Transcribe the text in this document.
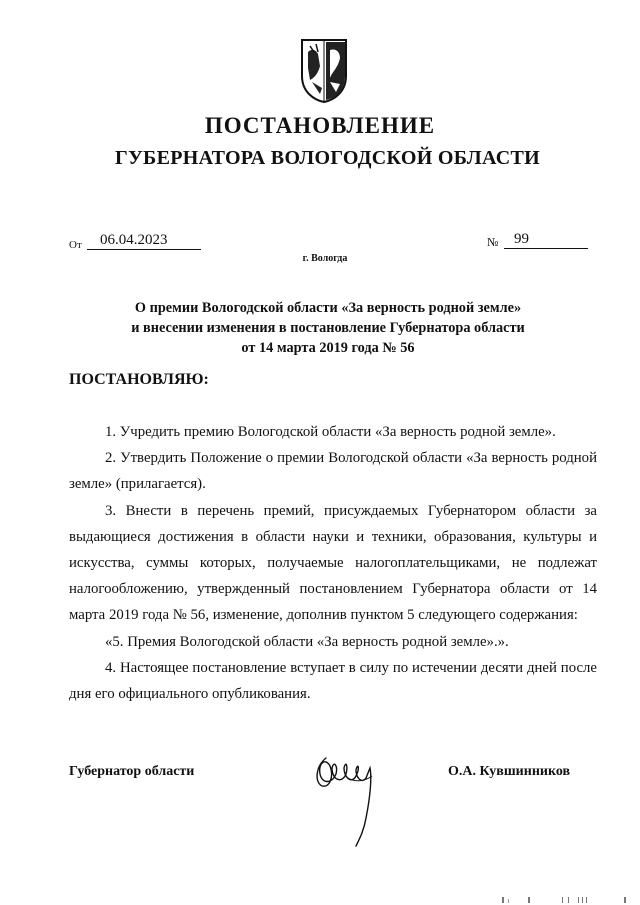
ПОСТАНОВЛЕНИЕ
ГУБЕРНАТОРА ВОЛОГОДСКОЙ ОБЛАСТИ
От	06.04.2023	№	99
г. Вологда
О премии Вологодской области «За верность родной земле»
и внесении изменения в постановление Губернатора области
от 14 марта 2019 года № 56
ПОСТАНОВЛЯЮ:

1. Учредить премию Вологодской области «За верность родной земле».

2. Утвердить Положение о премии Вологодской области «За верность родной земле» (прилагается).

3. Внести в перечень премий, присуждаемых Губернатором области за выдающиеся достижения в области науки и техники, образования, культуры и искусства, суммы которых, получаемые налогоплательщиками, не подлежат налогообложению, утвержденный постановлением Губернатора области от 14 марта 2019 года № 56, изменение, дополнив пунктом 5 следующего содержания:

«5. Премия Вологодской области «За верность родной земле».».

4. Настоящее постановление вступает в силу по истечении десяти дней после дня его официального опубликования.

Губернатор области	О.А. Кувшинников
